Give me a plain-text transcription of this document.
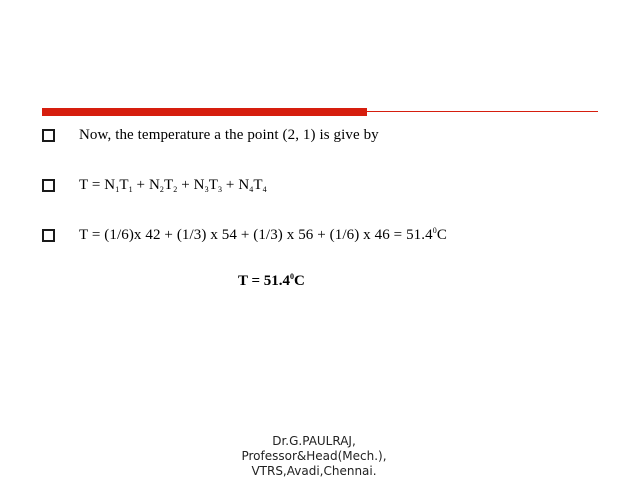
Now, the temperature a the point (2, 1) is give by
$T = N_1T_1 + N_2T_2 + N_3T_3 + N_4T_4$
T = (1/6)x 42 + (1/3) x 54 + (1/3) x 56 + (1/6) x $46 = 51.4^0C$
$T = 51.4^0C$
Dr.G.PAULRAJ,
Professor&Head(Mech.),
VTRS,Avadi,Chennai.
